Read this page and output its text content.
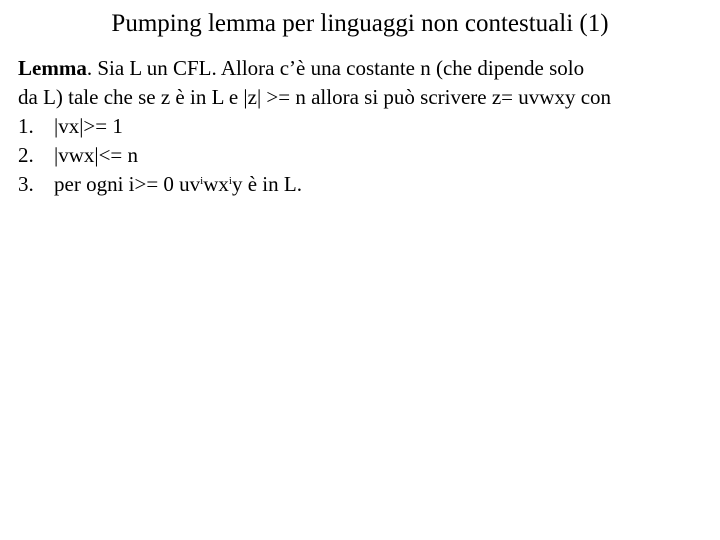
Pumping lemma per linguaggi non contestuali (1)
Lemma. Sia L un CFL. Allora c’è una costante n (che dipende solo
da L) tale che se z è in L e |z| >= n allora si può scrivere z= uvwxy con
1. |vx|>= 1
2. |vwx|<= n
3. per ogni i>= 0 $uv^iwx^iy$ è in L.
